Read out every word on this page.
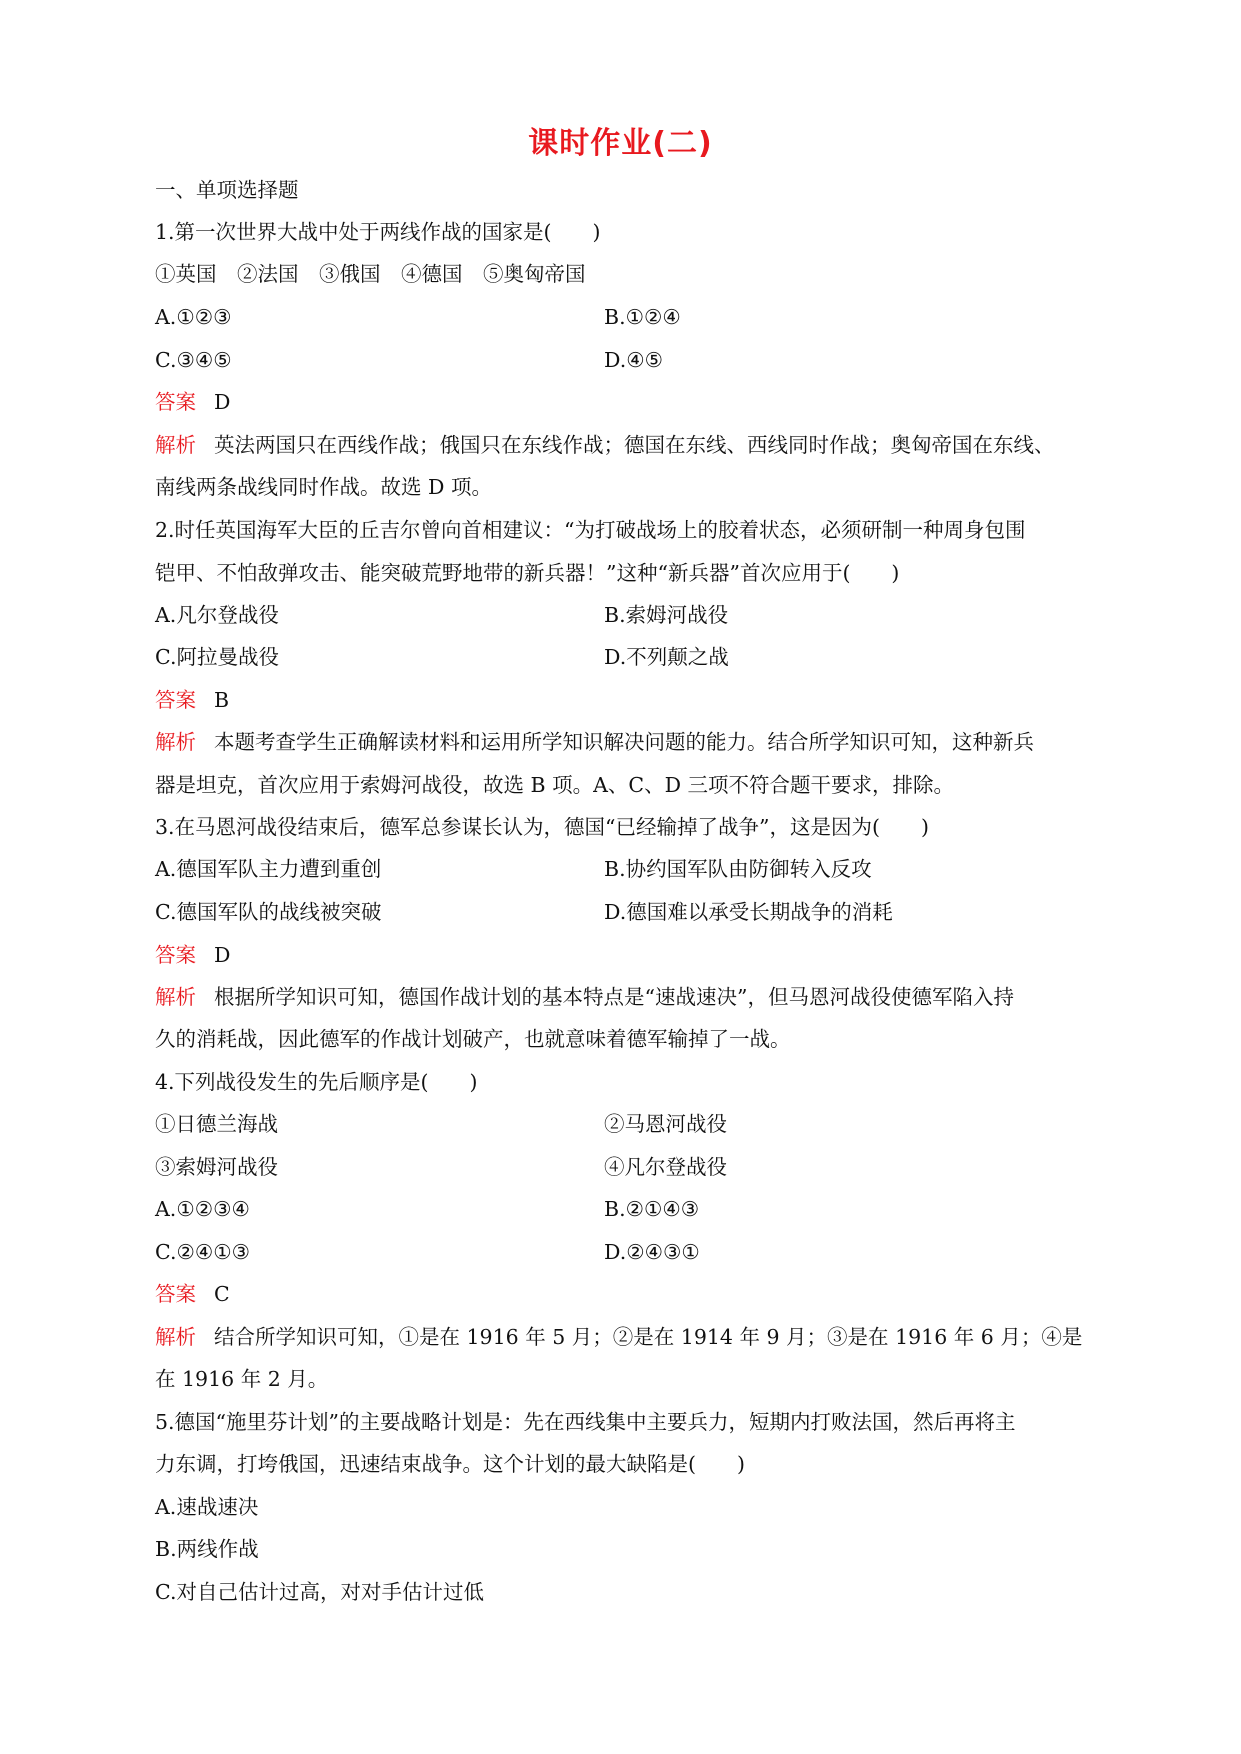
课时作业(二)
一、单项选择题
1.第一次世界大战中处于两线作战的国家是(　　)
①英国　②法国　③俄国　④德国　⑤奥匈帝国
A.①②③	B.①②④
C.③④⑤	D.④⑤
答案 D
解析 英法两国只在西线作战；俄国只在东线作战；德国在东线、西线同时作战；奥匈帝国在东线、
南线两条战线同时作战。故选 D 项。
2.时任英国海军大臣的丘吉尔曾向首相建议：“为打破战场上的胶着状态，必须研制一种周身包围
铠甲、不怕敌弹攻击、能突破荒野地带的新兵器！”这种“新兵器”首次应用于(　　)
A.凡尔登战役	B.索姆河战役
C.阿拉曼战役	D.不列颠之战
答案 B
解析 本题考查学生正确解读材料和运用所学知识解决问题的能力。结合所学知识可知，这种新兵
器是坦克，首次应用于索姆河战役，故选 B 项。A、C、D 三项不符合题干要求，排除。
3.在马恩河战役结束后，德军总参谋长认为，德国“已经输掉了战争”，这是因为(　　)
A.德国军队主力遭到重创	B.协约国军队由防御转入反攻
C.德国军队的战线被突破	D.德国难以承受长期战争的消耗
答案 D
解析 根据所学知识可知，德国作战计划的基本特点是“速战速决”，但马恩河战役使德军陷入持
久的消耗战，因此德军的作战计划破产，也就意味着德军输掉了一战。
4.下列战役发生的先后顺序是(　　)
①日德兰海战	②马恩河战役
③索姆河战役	④凡尔登战役
A.①②③④	B.②①④③
C.②④①③	D.②④③①
答案 C
解析 结合所学知识可知，①是在 1916 年 5 月；②是在 1914 年 9 月；③是在 1916 年 6 月；④是
在 1916 年 2 月。
5.德国“施里芬计划”的主要战略计划是：先在西线集中主要兵力，短期内打败法国，然后再将主
力东调，打垮俄国，迅速结束战争。这个计划的最大缺陷是(　　)
A.速战速决
B.两线作战
C.对自己估计过高，对对手估计过低
